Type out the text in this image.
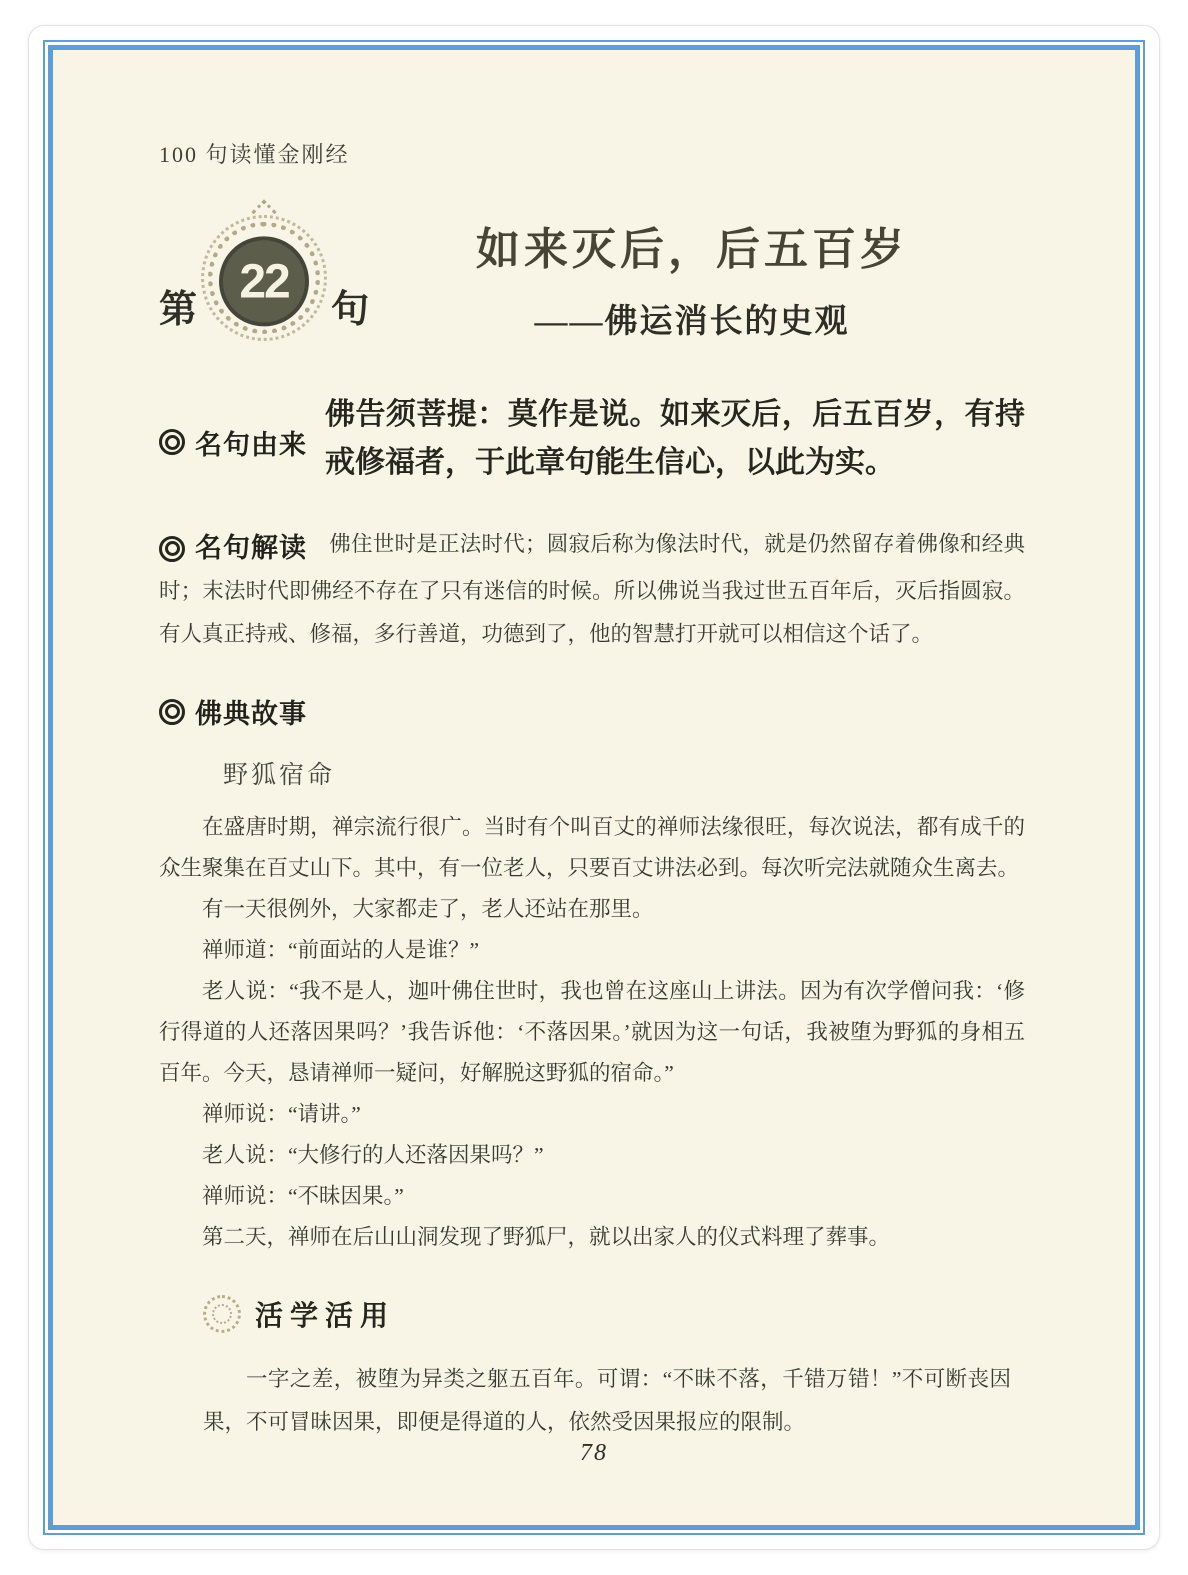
100 句读懂金刚经
第
22
句
如来灭后，后五百岁
——佛运消长的史观
名句由来
佛告须菩提：莫作是说。如来灭后，后五百岁，有持戒修福者，于此章句能生信心，以此为实。
名句解读 佛住世时是正法时代；圆寂后称为像法时代，就是仍然留存着佛像和经典时；末法时代即佛经不存在了只有迷信的时候。所以佛说当我过世五百年后，灭后指圆寂。有人真正持戒、修福，多行善道，功德到了，他的智慧打开就可以相信这个话了。
佛典故事
野狐宿命

在盛唐时期，禅宗流行很广。当时有个叫百丈的禅师法缘很旺，每次说法，都有成千的众生聚集在百丈山下。其中，有一位老人，只要百丈讲法必到。每次听完法就随众生离去。

有一天很例外，大家都走了，老人还站在那里。

禅师道：“前面站的人是谁？”

老人说：“我不是人，迦叶佛住世时，我也曾在这座山上讲法。因为有次学僧问我：‘修行得道的人还落因果吗？’我告诉他：‘不落因果。’就因为这一句话，我被堕为野狐的身相五百年。今天，恳请禅师一疑问，好解脱这野狐的宿命。”

禅师说：“请讲。”

老人说：“大修行的人还落因果吗？”

禅师说：“不昧因果。”

第二天，禅师在后山山洞发现了野狐尸，就以出家人的仪式料理了葬事。

活学活用
一字之差，被堕为异类之躯五百年。可谓：“不昧不落，千错万错！”不可断丧因果，不可冒昧因果，即便是得道的人，依然受因果报应的限制。
78
